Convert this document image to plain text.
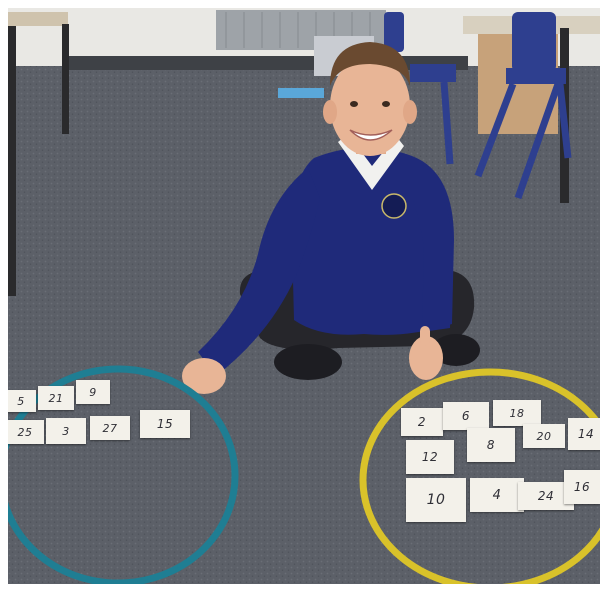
5	21	9
25	3	27	15	2	6	18
8
20	14
12
10	4	24
16
